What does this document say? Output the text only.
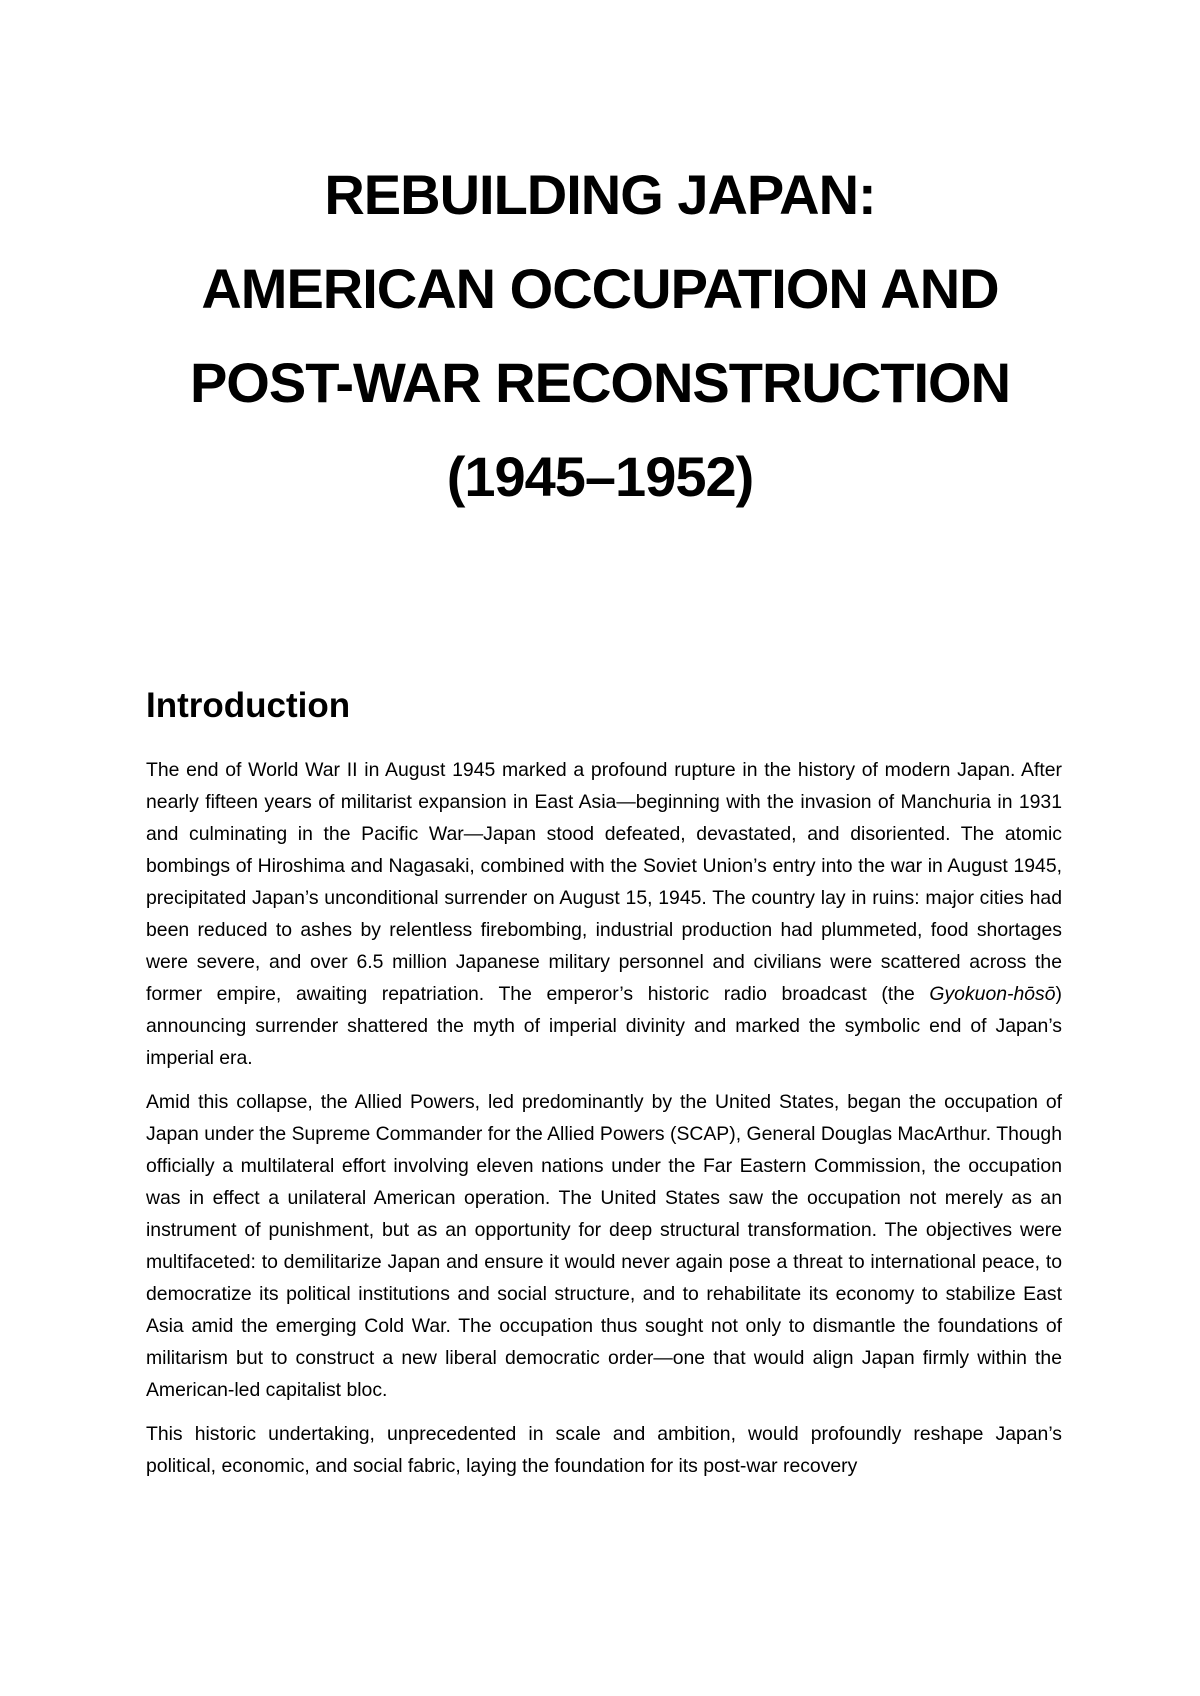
REBUILDING JAPAN:
AMERICAN OCCUPATION AND
POST-WAR RECONSTRUCTION
(1945–1952)
Introduction

The end of World War II in August 1945 marked a profound rupture in the history of modern Japan. After nearly fifteen years of militarist expansion in East Asia—beginning with the invasion of Manchuria in 1931 and culminating in the Pacific War—Japan stood defeated, devastated, and disoriented. The atomic bombings of Hiroshima and Nagasaki, combined with the Soviet Union’s entry into the war in August 1945, precipitated Japan’s unconditional surrender on August 15, 1945. The country lay in ruins: major cities had been reduced to ashes by relentless firebombing, industrial production had plummeted, food shortages were severe, and over 6.5 million Japanese military personnel and civilians were scattered across the former empire, awaiting repatriation. The emperor’s historic radio broadcast (the Gyokuon-hōsō) announcing surrender shattered the myth of imperial divinity and marked the symbolic end of Japan’s imperial era.

Amid this collapse, the Allied Powers, led predominantly by the United States, began the occupation of Japan under the Supreme Commander for the Allied Powers (SCAP), General Douglas MacArthur. Though officially a multilateral effort involving eleven nations under the Far Eastern Commission, the occupation was in effect a unilateral American operation. The United States saw the occupation not merely as an instrument of punishment, but as an opportunity for deep structural transformation. The objectives were multifaceted: to demilitarize Japan and ensure it would never again pose a threat to international peace, to democratize its political institutions and social structure, and to rehabilitate its economy to stabilize East Asia amid the emerging Cold War. The occupation thus sought not only to dismantle the foundations of militarism but to construct a new liberal democratic order—one that would align Japan firmly within the American-led capitalist bloc.

This historic undertaking, unprecedented in scale and ambition, would profoundly reshape Japan’s political, economic, and social fabric, laying the foundation for its post-war recovery
